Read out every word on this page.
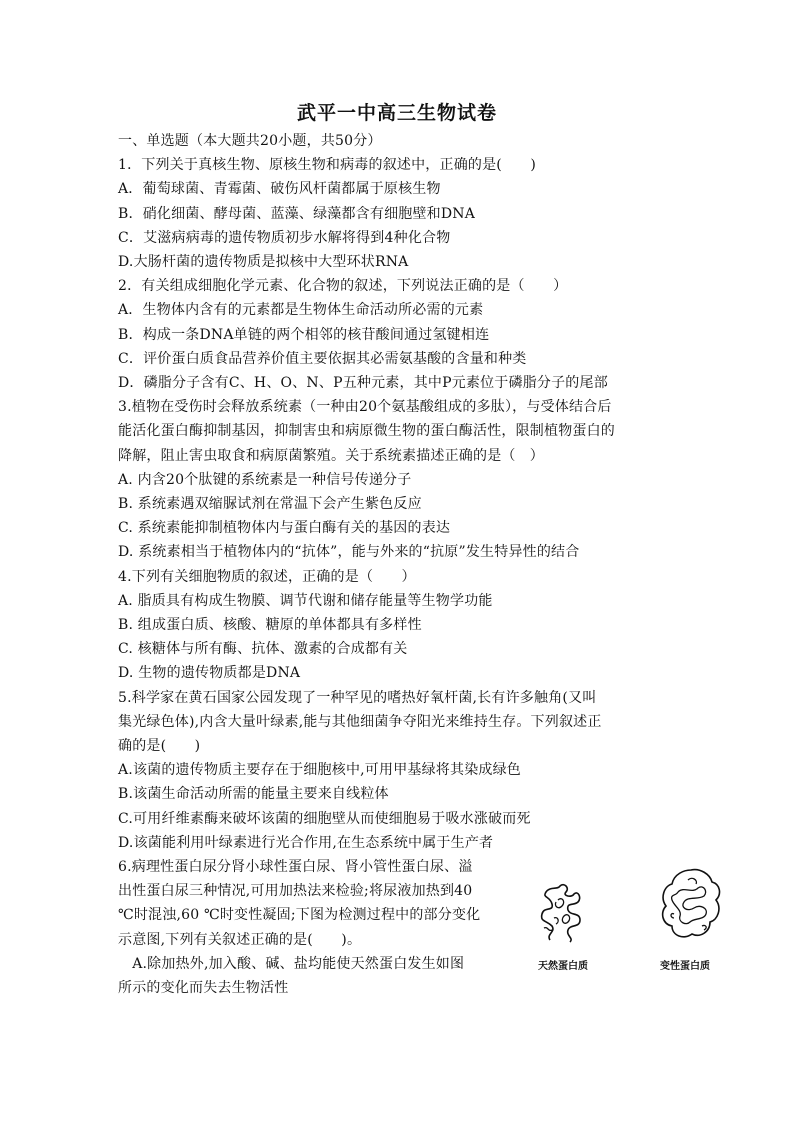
武平一中高三生物试卷
一、单选题（本大题共20小题，共50分）
1．下列关于真核生物、原核生物和病毒的叙述中，正确的是(　　)
A．葡萄球菌、青霉菌、破伤风杆菌都属于原核生物
B．硝化细菌、酵母菌、蓝藻、绿藻都含有细胞壁和DNA
C．艾滋病病毒的遗传物质初步水解将得到4种化合物
D.大肠杆菌的遗传物质是拟核中大型环状RNA
2．有关组成细胞化学元素、化合物的叙述，下列说法正确的是（　　）
A．生物体内含有的元素都是生物体生命活动所必需的元素
B．构成一条DNA单链的两个相邻的核苷酸间通过氢键相连
C．评价蛋白质食品营养价值主要依据其必需氨基酸的含量和种类
D．磷脂分子含有C、H、O、N、P五种元素，其中P元素位于磷脂分子的尾部
3.植物在受伤时会释放系统素（一种由20个氨基酸组成的多肽），与受体结合后
能活化蛋白酶抑制基因，抑制害虫和病原微生物的蛋白酶活性，限制植物蛋白的
降解，阻止害虫取食和病原菌繁殖。关于系统素描述正确的是（　）
A. 内含20个肽键的系统素是一种信号传递分子
B. 系统素遇双缩脲试剂在常温下会产生紫色反应
C. 系统素能抑制植物体内与蛋白酶有关的基因的表达
D. 系统素相当于植物体内的“抗体”，能与外来的“抗原”发生特异性的结合
4.下列有关细胞物质的叙述，正确的是（　　）
A. 脂质具有构成生物膜、调节代谢和储存能量等生物学功能
B. 组成蛋白质、核酸、糖原的单体都具有多样性
C. 核糖体与所有酶、抗体、激素的合成都有关
D. 生物的遗传物质都是DNA
5.科学家在黄石国家公园发现了一种罕见的嗜热好氧杆菌,长有许多触角(又叫
集光绿色体),内含大量叶绿素,能与其他细菌争夺阳光来维持生存。下列叙述正
确的是(　　)
A.该菌的遗传物质主要存在于细胞核中,可用甲基绿将其染成绿色
B.该菌生命活动所需的能量主要来自线粒体
C.可用纤维素酶来破坏该菌的细胞壁从而使细胞易于吸水涨破而死
D.该菌能利用叶绿素进行光合作用,在生态系统中属于生产者
6.病理性蛋白尿分肾小球性蛋白尿、肾小管性蛋白尿、溢
出性蛋白尿三种情况,可用加热法来检验;将尿液加热到40
℃时混浊,60 ℃时变性凝固;下图为检测过程中的部分变化
示意图,下列有关叙述正确的是(　　)。
　A.除加热外,加入酸、碱、盐均能使天然蛋白发生如图
所示的变化而失去生物活性
天然蛋白质	变性蛋白质
